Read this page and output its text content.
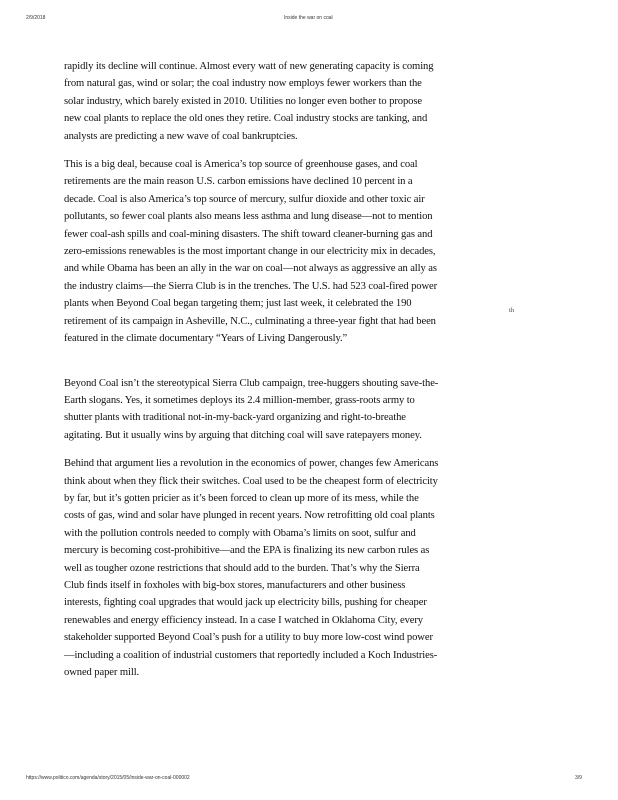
2/9/2018	Inside the war on coal

rapidly its decline will continue. Almost every watt of new generating capacity is coming from natural gas, wind or solar; the coal industry now employs fewer workers than the solar industry, which barely existed in 2010. Utilities no longer even bother to propose new coal plants to replace the old ones they retire. Coal industry stocks are tanking, and analysts are predicting a new wave of coal bankruptcies.

This is a big deal, because coal is America’s top source of greenhouse gases, and coal retirements are the main reason U.S. carbon emissions have declined 10 percent in a decade. Coal is also America’s top source of mercury, sulfur dioxide and other toxic air pollutants, so fewer coal plants also means less asthma and lung disease—not to mention fewer coal-ash spills and coal-mining disasters. The shift toward cleaner-burning gas and zero-emissions renewables is the most important change in our electricity mix in decades, and while Obama has been an ally in the war on coal—not always as aggressive an ally as the industry claims—the Sierra Club is in the trenches. The U.S. had 523 coal-fired power plants when Beyond Coal began targeting them; just last week, it celebrated the 190 retirement of its campaign in Asheville, N.C., culminating a three-year fight that had been featured in the climate documentary “Years of Living Dangerously.”

Beyond Coal isn’t the stereotypical Sierra Club campaign, tree-huggers shouting save-the-Earth slogans. Yes, it sometimes deploys its 2.4 million-member, grass-roots army to shutter plants with traditional not-in-my-back-yard organizing and right-to-breathe agitating. But it usually wins by arguing that ditching coal will save ratepayers money.

Behind that argument lies a revolution in the economics of power, changes few Americans think about when they flick their switches. Coal used to be the cheapest form of electricity by far, but it’s gotten pricier as it’s been forced to clean up more of its mess, while the costs of gas, wind and solar have plunged in recent years. Now retrofitting old coal plants with the pollution controls needed to comply with Obama’s limits on soot, sulfur and mercury is becoming cost-prohibitive—and the EPA is finalizing its new carbon rules as well as tougher ozone restrictions that should add to the burden. That’s why the Sierra Club finds itself in foxholes with big-box stores, manufacturers and other business interests, fighting coal upgrades that would jack up electricity bills, pushing for cheaper renewables and energy efficiency instead. In a case I watched in Oklahoma City, every stakeholder supported Beyond Coal’s push for a utility to buy more low-cost wind power—including a coalition of industrial customers that reportedly included a Koch Industries-owned paper mill.

th
https://www.politico.com/agenda/story/2015/05/inside-war-on-coal-000002	3/9
